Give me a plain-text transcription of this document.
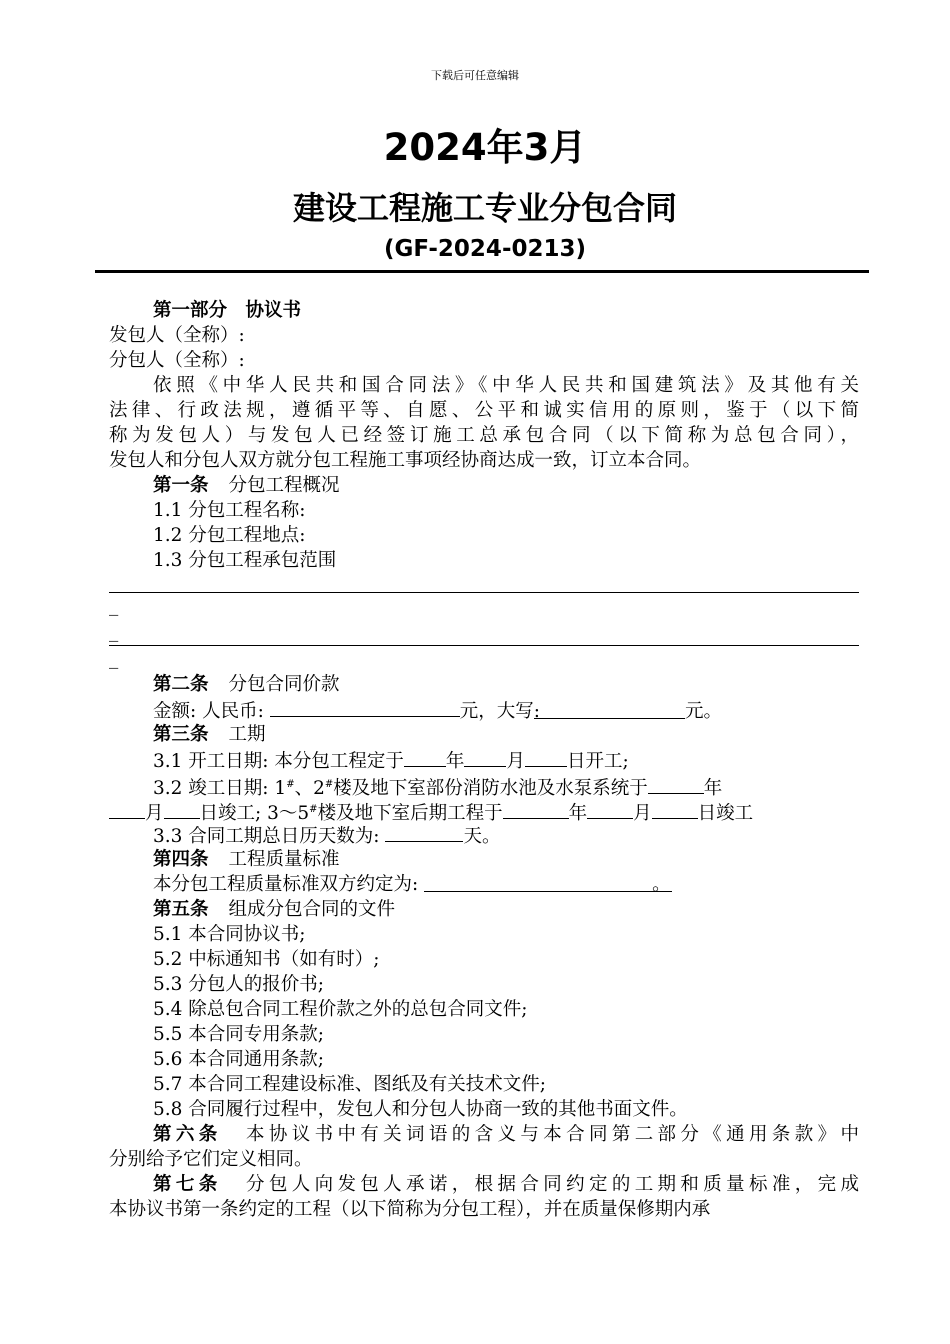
下载后可任意编辑
2024年3月
建设工程施工专业分包合同
(GF-2024-0213)
第一部分　协议书
发包人（全称）:
分包人（全称）:
依照《中华人民共和国合同法》《中华人民共和国建筑法》及其他有关
法律、行政法规，遵循平等、自愿、公平和诚实信用的原则，鉴于（以下简
称为发包人）与发包人已经签订施工总承包合同（以下简称为总包合同），
发包人和分包人双方就分包工程施工事项经协商达成一致，订立本合同。
第一条 分包工程概况
1.1 分包工程名称:
1.2 分包工程地点:
1.3 分包工程承包范围
_
_
_
第二条 分包合同价款
金额: 人民币:	元，大写:	元。
第三条 工期
3.1 开工日期: 本分包工程定于 年 月 日开工;
3.2 竣工日期: 1#、2#楼及地下室部份消防水池及水泵系统于	年
月 日竣工; 3～5#楼及地下室后期工程于	年 月 日竣工
3.3 合同工期总日历天数为:	天。
第四条 工程质量标准
本分包工程质量标准双方约定为:	。
第五条 组成分包合同的文件
5.1 本合同协议书;
5.2 中标通知书（如有时）;
5.3 分包人的报价书;
5.4 除总包合同工程价款之外的总包合同文件;
5.5 本合同专用条款;
5.6 本合同通用条款;
5.7 本合同工程建设标准、图纸及有关技术文件;
5.8 合同履行过程中，发包人和分包人协商一致的其他书面文件。
第六条 本协议书中有关词语的含义与本合同第二部分《通用条款》中
分别给予它们定义相同。
第七条 分包人向发包人承诺，根据合同约定的工期和质量标准，完成
本协议书第一条约定的工程（以下简称为分包工程），并在质量保修期内承
